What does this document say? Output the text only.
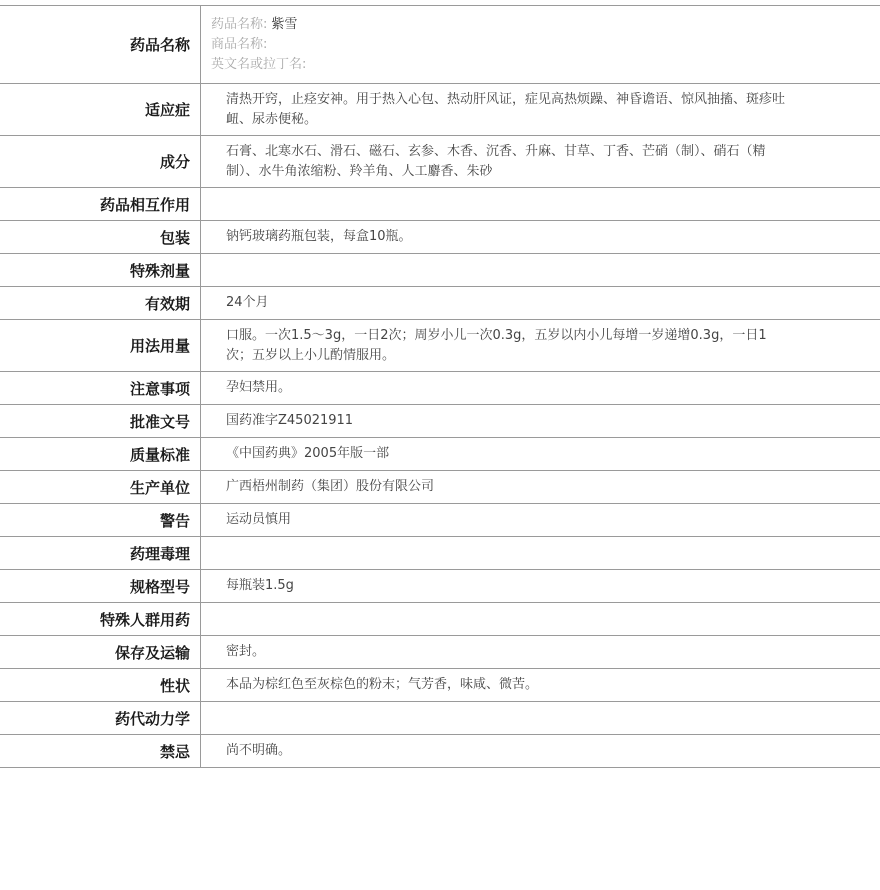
药品名称	药品名称: 紫雪
商品名称:
英文名或拉丁名:

适应症	清热开窍，止痉安神。用于热入心包、热动肝风证，症见高热烦躁、神昏谵语、惊风抽搐、斑疹吐衄、尿赤便秘。
成分	石膏、北寒水石、滑石、磁石、玄参、木香、沉香、升麻、甘草、丁香、芒硝（制）、硝石（精制）、水牛角浓缩粉、羚羊角、人工麝香、朱砂
药品相互作用	
包装	钠钙玻璃药瓶包装，每盒10瓶。
特殊剂量	
有效期	24个月
用法用量	口服。一次1.5～3g，一日2次；周岁小儿一次0.3g，五岁以内小儿每增一岁递增0.3g，一日1次；五岁以上小儿酌情服用。
注意事项	孕妇禁用。
批准文号	国药准字Z45021911
质量标准	《中国药典》2005年版一部
生产单位	广西梧州制药（集团）股份有限公司
警告	运动员慎用
药理毒理	
规格型号	每瓶装1.5g
特殊人群用药	
保存及运输	密封。
性状	本品为棕红色至灰棕色的粉末；气芳香，味咸、微苦。
药代动力学	
禁忌	尚不明确。
